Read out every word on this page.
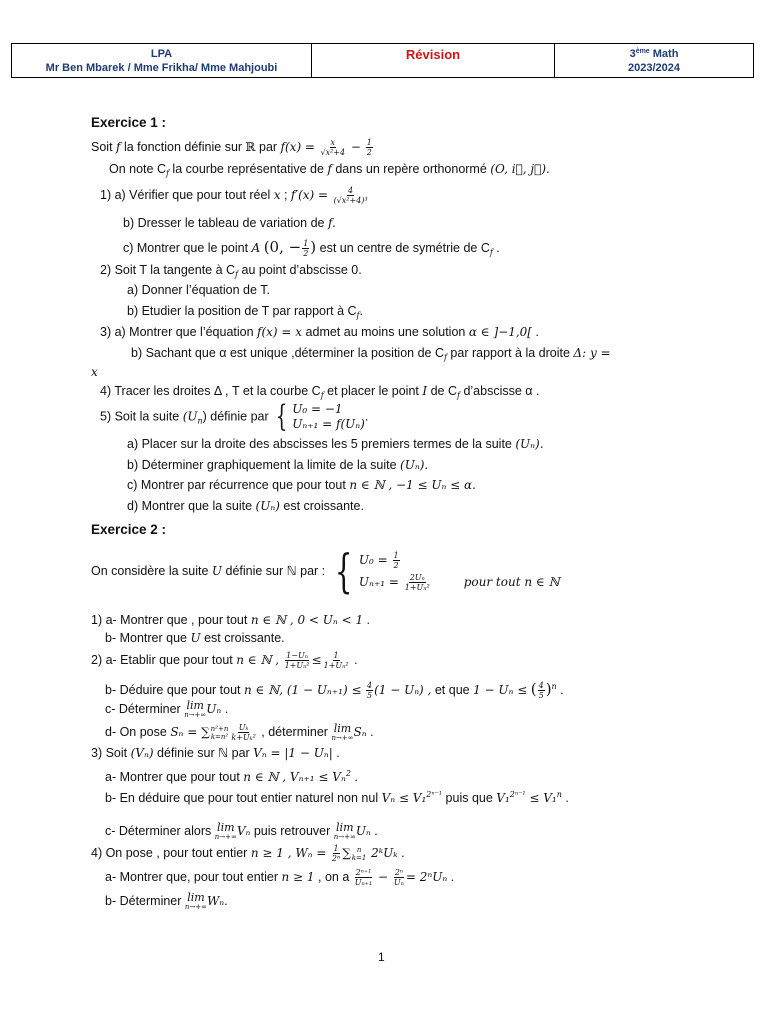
LPA
Mr Ben Mbarek / Mme Frikha/ Mme Mahjoubi
Révision	3ème Math
2023/2024
Exercice 1 :
Soit f la fonction définie sur ℝ par $f(x) = \frac{x}{\text{√x²+4}} - \frac{1}{2}$
On note $C_f$ la courbe représentative de f dans un repère orthonormé (O, i⃗, j⃗).
1) a) Vérifier que pour tout réel x ; $f'(x) = \frac{4}{\text{(√x²+4)³}}$
b) Dresser le tableau de variation de f.
c) Montrer que le point A (0, − $\frac{1}{2}$ ) est un centre de symétrie de $C_f$ .
2) Soit T la tangente à $C_f$ au point d’abscisse 0.
a) Donner l’équation de T.
b) Etudier la position de T par rapport à $C_f$.
3) a) Montrer que l’équation f(x) = x admet au moins une solution α ∈ ]−1,0[ .
b) Sachant que α est unique ,déterminer la position de $C_f$ par rapport à la droite Δ: y =
x
4) Tracer les droites Δ , T et la courbe $C_f$ et placer le point I de $C_f$ d’abscisse α .
5) Soit la suite $(U_n)$ définie par { U₀ = −1
Uₙ₊₁ = f(Uₙ)
.
a) Placer sur la droite des abscisses les 5 premiers termes de la suite (Uₙ).
b) Déterminer graphiquement la limite de la suite (Uₙ).
c) Montrer par récurrence que pour tout n ∈ ℕ , −1 ≤ Uₙ ≤ α.
d) Montrer que la suite (Uₙ) est croissante.
Exercice 2 :
On considère la suite U définie sur ℕ par : { $U_0 = \frac{1}{2}$
$U_{n+1} = \frac{\text{2Uₙ}}{\text{1+Uₙ²}}$	pour tout n ∈ ℕ
1) a- Montrer que , pour tout n ∈ ℕ , 0 < Uₙ < 1 .
b- Montrer que U est croissante.
2) a- Etablir que pour tout n ∈ ℕ , $\frac{\text{1−Uₙ}}{\text{1+Uₙ²}} \le \frac{1}{\text{1+Uₙ²}}$ .
b- Déduire que pour tout n ∈ ℕ, $(1 - U_{n+1}) \le \frac{4}{5} (1 - U_n)$ , et que 1 − Uₙ ≤ ( $\frac{4}{5} )^n$ .
c- Déterminer lim
n→+∞ Uₙ .
d- On pose Sₙ = ∑ n²+n
$k=n^2 \frac{\text{Uₖ}}{\text{k+Uₖ²}}$ , déterminer lim
n→+∞ Sₙ .
3) Soit (Vₙ) définie sur ℕ par Vₙ = |1 − Uₙ| .
a- Montrer que pour tout n ∈ ℕ , Vₙ₊₁ ≤ Vₙ$^2$ .
b- En déduire que pour tout entier naturel non nul Vₙ ≤ V₁$^{2^{n-1}}$ puis que V₁$^{2^{n-1}}$ ≤ V₁$^n$ .
c- Déterminer alors lim
n→+∞ Vₙ puis retrouver lim
n→+∞ Uₙ .
4) On pose , pour tout entier n ≥ 1 , $W_n = \frac{1}{\text{2ⁿ}}$ ∑ n
k=1 2ᵏUₖ .
a- Montrer que, pour tout entier n ≥ 1 , on a $\frac{\text{2ⁿ⁺¹}}{\text{Uₙ₊₁}} - \frac{\text{2ⁿ}}{\text{Uₙ}} = 2^nU_n$ .
b- Déterminer lim
n→+∞ Wₙ.
1
